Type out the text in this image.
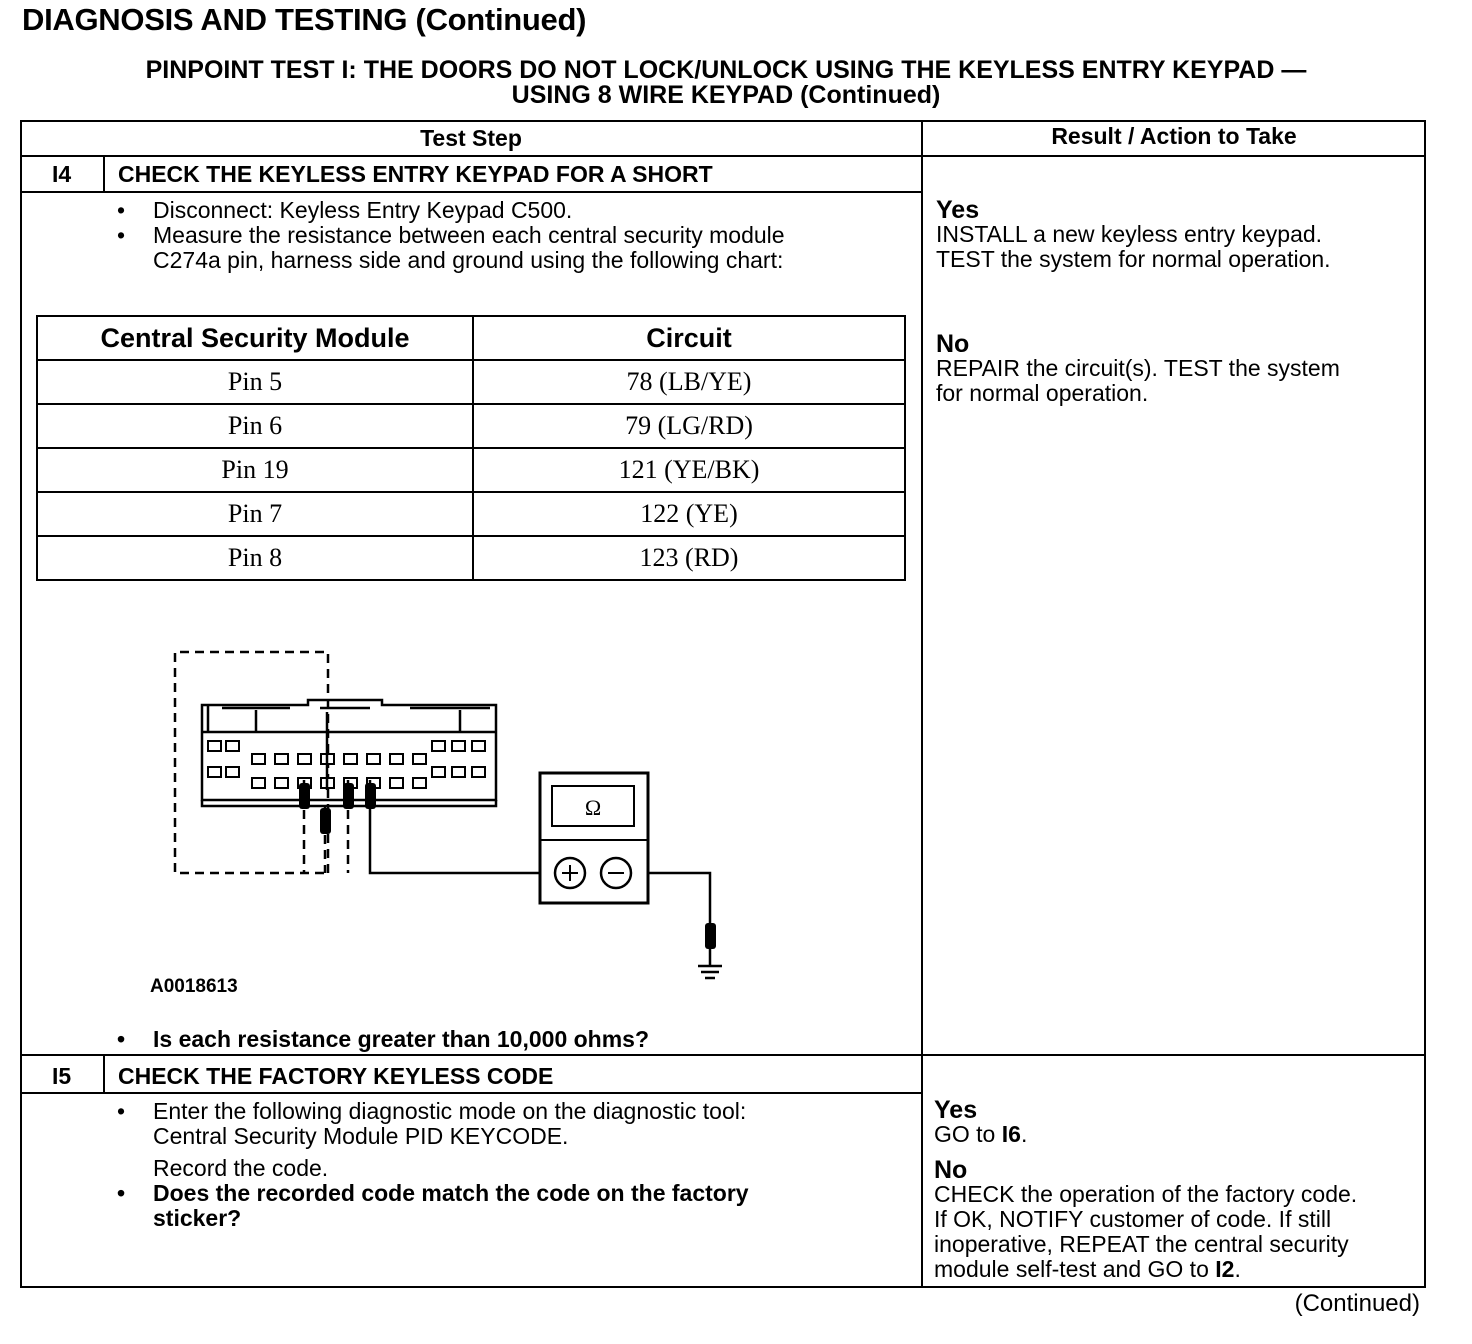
DIAGNOSIS AND TESTING (Continued)
PINPOINT TEST I: THE DOORS DO NOT LOCK/UNLOCK USING THE KEYLESS ENTRY KEYPAD —
USING 8 WIRE KEYPAD (Continued)
Test Step	Result / Action to Take
I4 CHECK THE KEYLESS ENTRY KEYPAD FOR A SHORT
• Disconnect: Keyless Entry Keypad C500.
• Measure the resistance between each central security module
C274a pin, harness side and ground using the following chart:
Central Security Module	Circuit
Pin 5	78 (LB/YE)
Pin 6	79 (LG/RD)
Pin 19	121 (YE/BK)
Pin 7	122 (YE)
Pin 8	123 (RD)
Ω
A0018613
• Is each resistance greater than 10,000 ohms?
Yes
INSTALL a new keyless entry keypad.
TEST the system for normal operation.
No
REPAIR the circuit(s). TEST the system
for normal operation.
I5 CHECK THE FACTORY KEYLESS CODE
• Enter the following diagnostic mode on the diagnostic tool:
Central Security Module PID KEYCODE.
Record the code.
• Does the recorded code match the code on the factory
sticker?
Yes
GO to I6.
No
CHECK the operation of the factory code.
If OK, NOTIFY customer of code. If still
inoperative, REPEAT the central security
module self-test and GO to I2.
(Continued)
